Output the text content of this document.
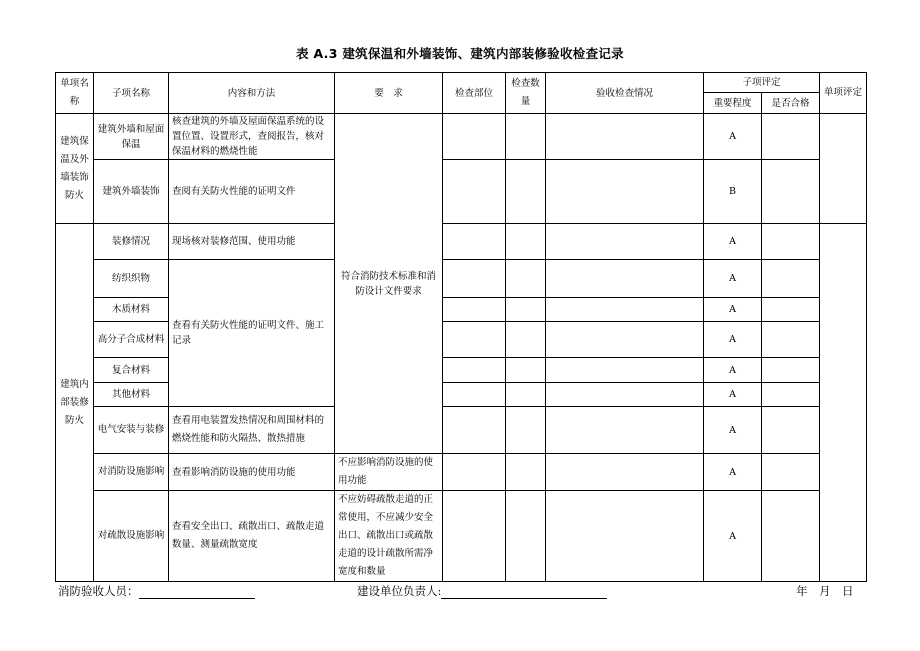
表 A.3 建筑保温和外墙装饰、建筑内部装修验收检查记录
单项名称	子项名称	内容和方法	要　求	检查部位	检查数量	验收检查情况	子项评定		单项评定
							重要程度	是否合格	
建筑保温及外墙装饰防火	建筑外墙和屋面保温	核查建筑的外墙及屋面保温系统的设置位置、设置形式，查阅报告，核对保温材料的燃烧性能	符合消防技术标准和消防设计文件要求				A		
	建筑外墙装饰	查阅有关防火性能的证明文件					B		
建筑内部装修防火	装修情况	现场核对装修范围、使用功能					A		
	纺织织物	查看有关防火性能的证明文件、施工记录					A		
	木质材料						A		
	高分子合成材料						A		
	复合材料						A		
	其他材料						A		
	电气安装与装修	查看用电装置发热情况和周围材料的燃烧性能和防火隔热、散热措施					A		
	对消防设施影响	查看影响消防设施的使用功能	不应影响消防设施的使用功能				A		
	对疏散设施影响	查看安全出口、疏散出口、疏散走道数量、测量疏散宽度	不应妨碍疏散走道的正常使用，不应减少安全出口、疏散出口或疏散走道的设计疏散所需净宽度和数量				A		
消防验收人员：	建设单位负责人:	年　月　日
